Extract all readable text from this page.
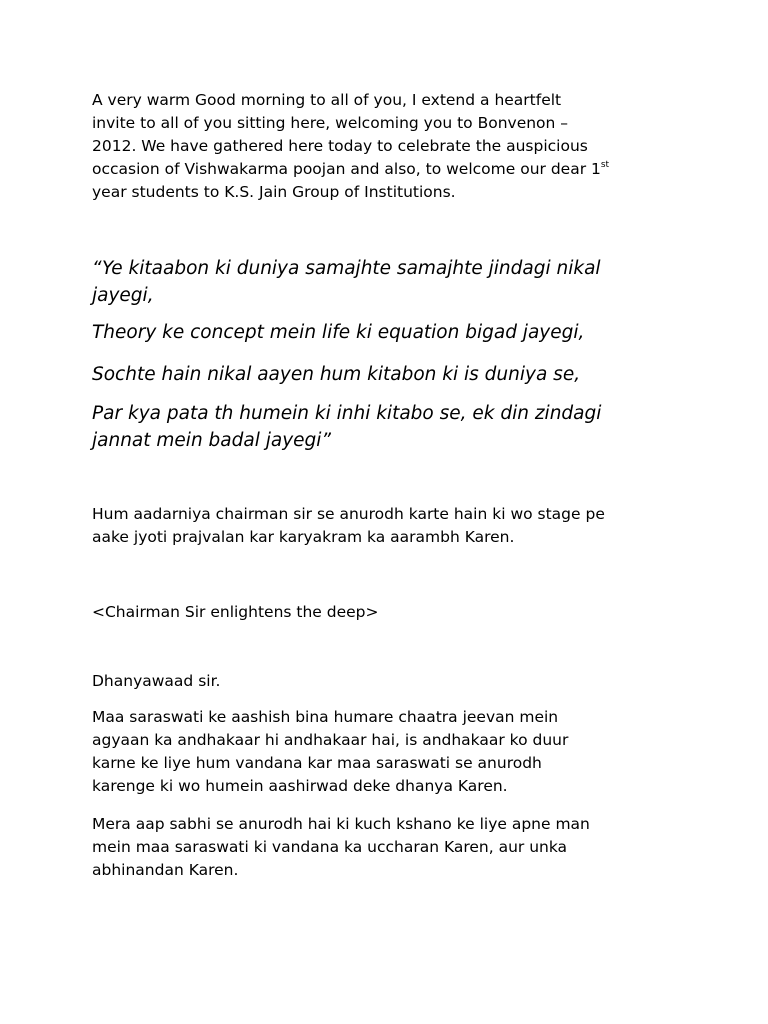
A very warm Good morning to all of you, I extend a heartfelt
invite to all of you sitting here, welcoming you to Bonvenon –
2012. We have gathered here today to celebrate the auspicious
occasion of Vishwakarma poojan and also, to welcome our dear 1st
year students to K.S. Jain Group of Institutions.

“Ye kitaabon ki duniya samajhte samajhte jindagi nikal
jayegi,

Theory ke concept mein life ki equation bigad jayegi,

Sochte hain nikal aayen hum kitabon ki is duniya se,

Par kya pata th humein ki inhi kitabo se, ek din zindagi
jannat mein badal jayegi”

Hum aadarniya chairman sir se anurodh karte hain ki wo stage pe
aake jyoti prajvalan kar karyakram ka aarambh Karen.

<Chairman Sir enlightens the deep>

Dhanyawaad sir.

Maa saraswati ke aashish bina humare chaatra jeevan mein
agyaan ka andhakaar hi andhakaar hai, is andhakaar ko duur
karne ke liye hum vandana kar maa saraswati se anurodh
karenge ki wo humein aashirwad deke dhanya Karen.

Mera aap sabhi se anurodh hai ki kuch kshano ke liye apne man
mein maa saraswati ki vandana ka uccharan Karen, aur unka
abhinandan Karen.
